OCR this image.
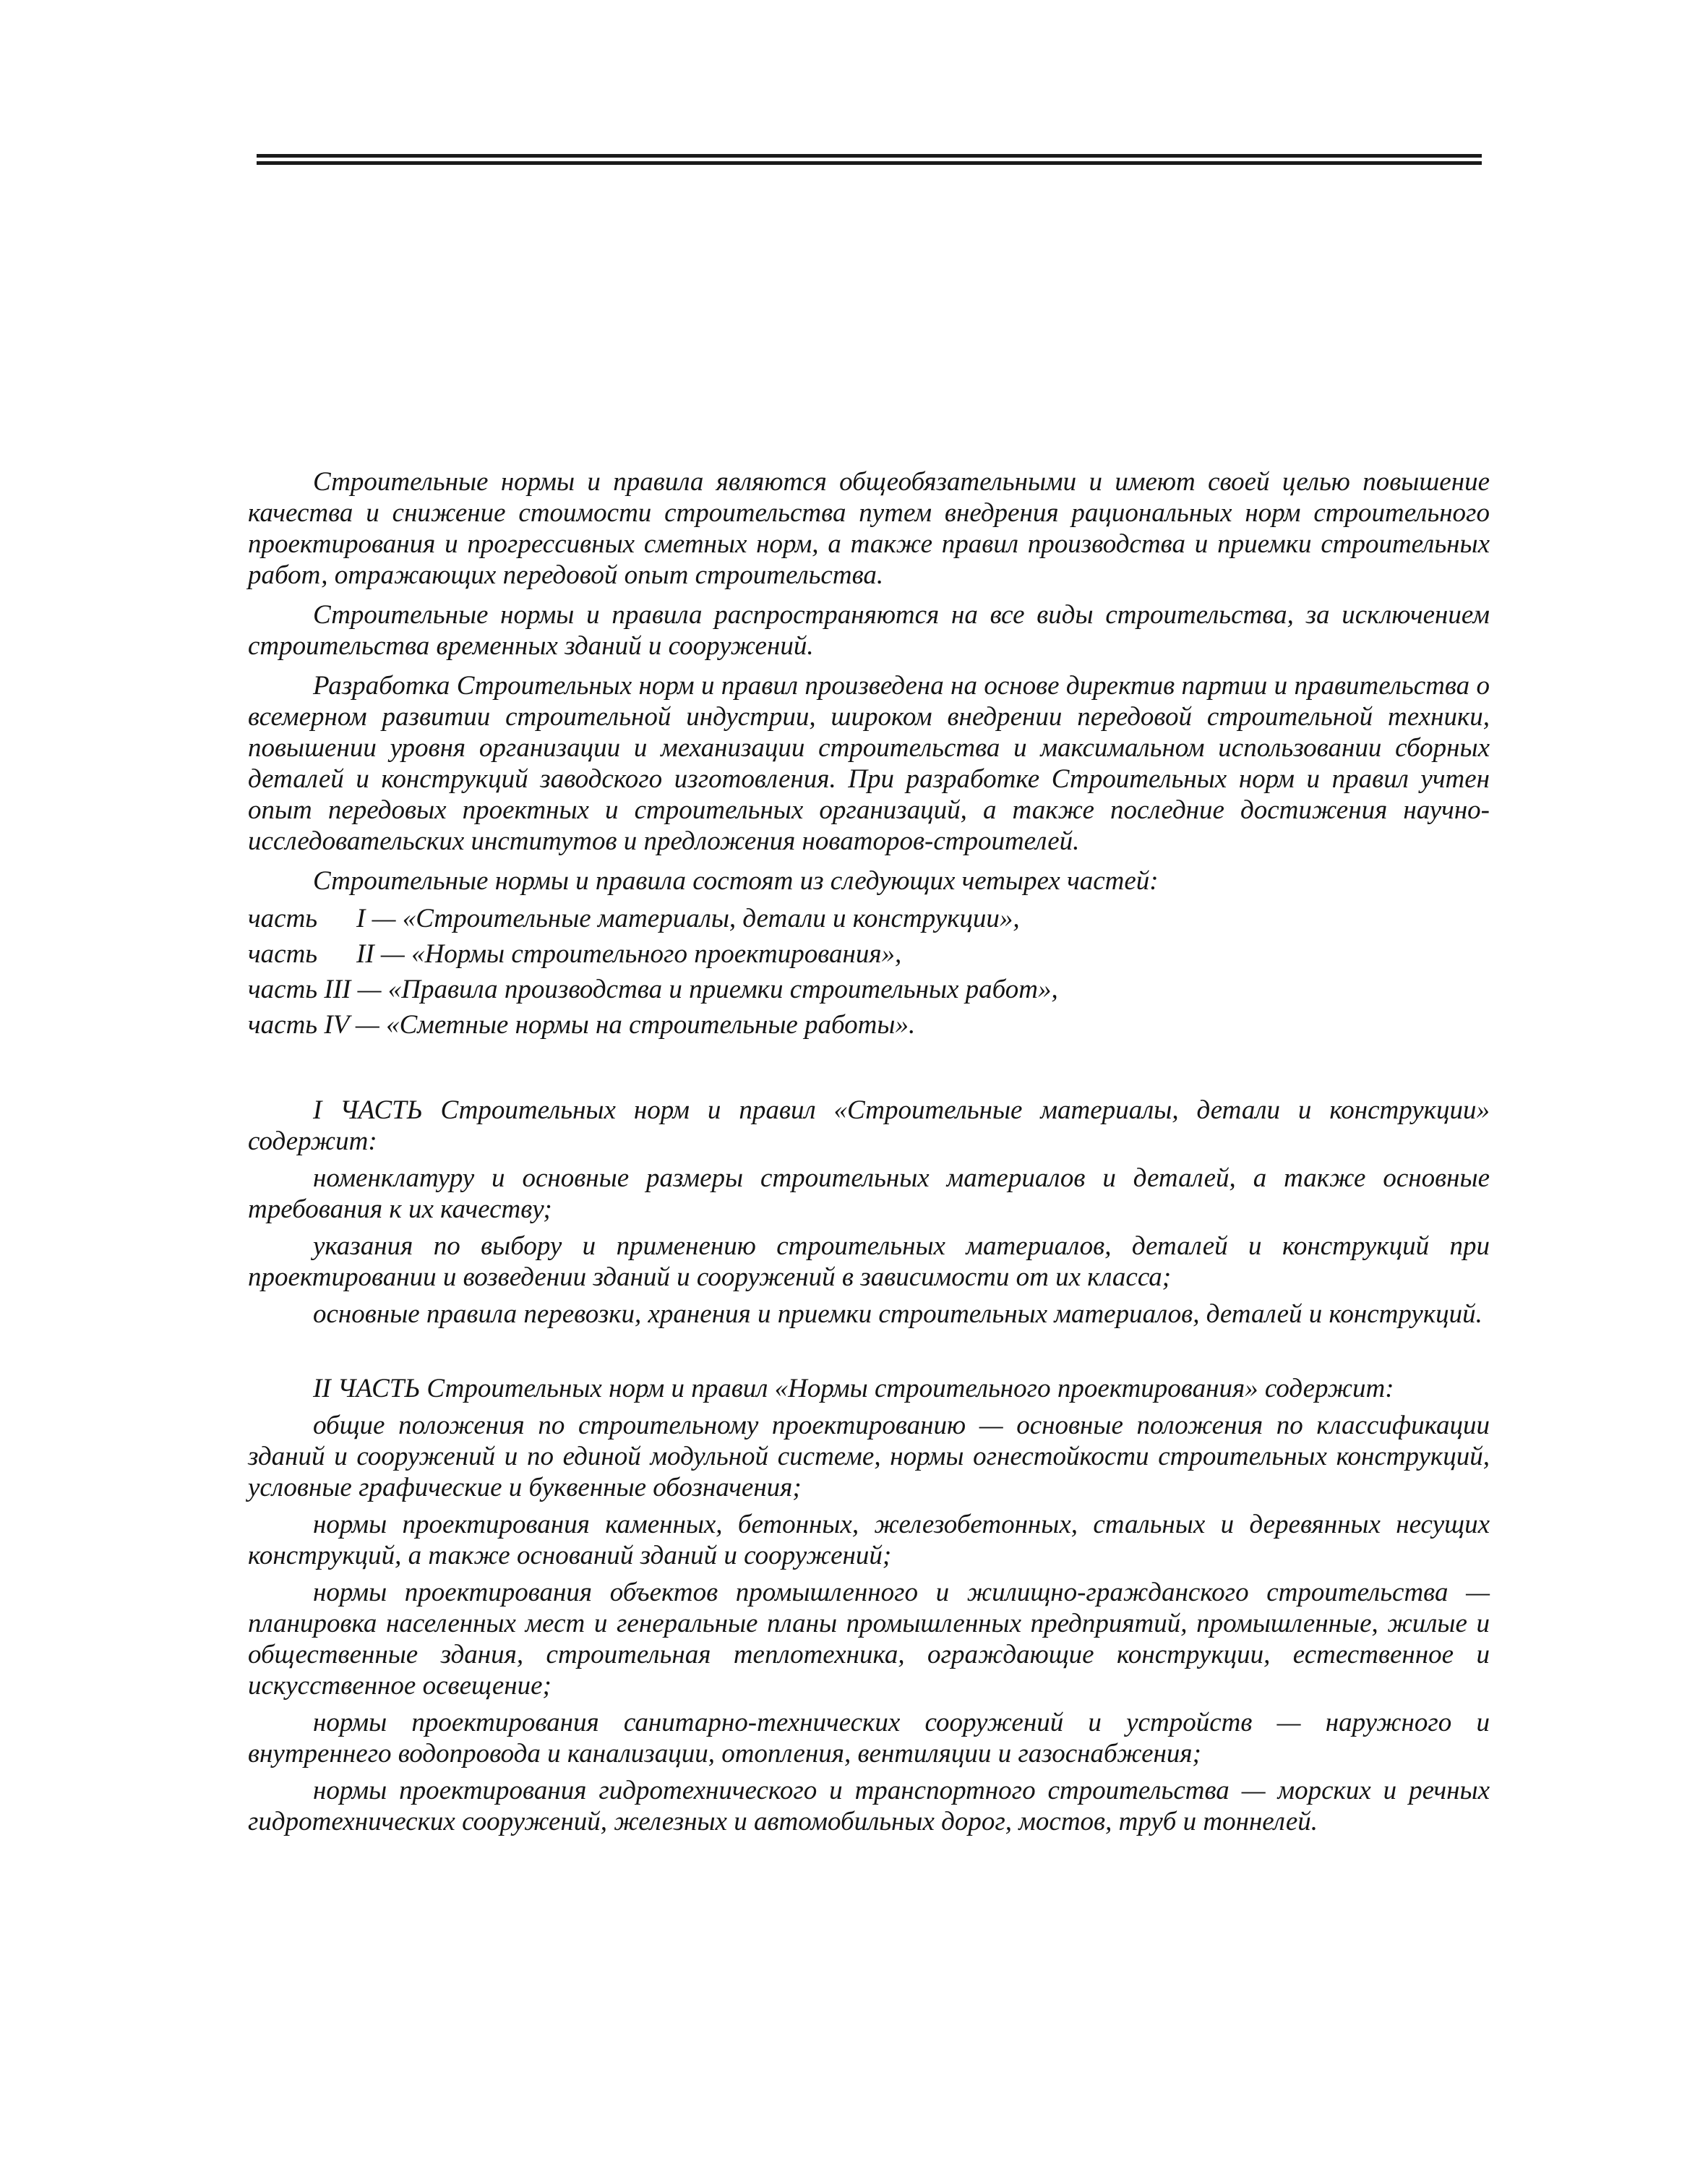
Строительные нормы и правила являются общеобязательными и имеют своей целью повышение качества и снижение стоимости строительства путем внедрения рациональных норм строительного проектирования и прогрессивных сметных норм, а также правил производства и приемки строительных работ, отражающих передовой опыт строительства.

Строительные нормы и правила распространяются на все виды строительства, за исключением строительства временных зданий и сооружений.

Разработка Строительных норм и правил произведена на основе директив партии и правительства о всемерном развитии строительной индустрии, широком внедрении передовой строительной техники, повышении уровня организации и механизации строительства и максимальном использовании сборных деталей и конструкций заводского изготовления. При разработке Строительных норм и правил учтен опыт передовых проектных и строительных организаций, а также последние достижения научно-исследовательских институтов и предложения новаторов-строителей.

Строительные нормы и правила состоят из следующих четырех частей:

часть I — «Строительные материалы, детали и конструкции»,

часть II — «Нормы строительного проектирования»,

часть III — «Правила производства и приемки строительных работ»,

часть IV — «Сметные нормы на строительные работы».

I ЧАСТЬ Строительных норм и правил «Строительные материалы, детали и конструкции» содержит:

номенклатуру и основные размеры строительных материалов и деталей, а также основные требования к их качеству;

указания по выбору и применению строительных материалов, деталей и конструкций при проектировании и возведении зданий и сооружений в зависимости от их класса;

основные правила перевозки, хранения и приемки строительных материалов, деталей и конструкций.

II ЧАСТЬ Строительных норм и правил «Нормы строительного проектирования» содержит:

общие положения по строительному проектированию — основные положения по классификации зданий и сооружений и по единой модульной системе, нормы огнестойкости строительных конструкций, условные графические и буквенные обозначения;

нормы проектирования каменных, бетонных, железобетонных, стальных и деревянных несущих конструкций, а также оснований зданий и сооружений;

нормы проектирования объектов промышленного и жилищно-гражданского строительства — планировка населенных мест и генеральные планы промышленных предприятий, промышленные, жилые и общественные здания, строительная теплотехника, ограждающие конструкции, естественное и искусственное освещение;

нормы проектирования санитарно-технических сооружений и устройств — наружного и внутреннего водопровода и канализации, отопления, вентиляции и газоснабжения;

нормы проектирования гидротехнического и транспортного строительства — морских и речных гидротехнических сооружений, железных и автомобильных дорог, мостов, труб и тоннелей.
